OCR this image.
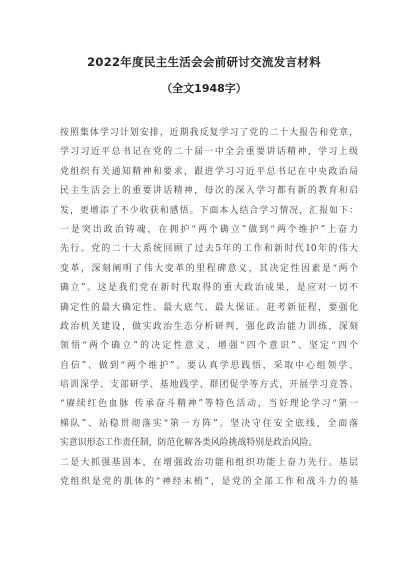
2022年度民主生活会会前研讨交流发言材料
（全文1948字）
按照集体学习计划安排，近期我反复学习了党的二十大报告和党章，
学习习近平总书记在党的二十届一中全会重要讲话精神，学习上级
党组织有关通知精神和要求，跟进学习习近平总书记在中央政治局
民主生活会上的重要讲话精神，每次的深入学习都有新的教育和启
发，更增添了不少收获和感悟。下面本人结合学习情况，汇报如下：
一是突出政治铸魂，在拥护“两个确立”做到“两个维护”上奋力
先行。党的二十大系统回顾了过去5年的工作和新时代10年的伟大
变革，深刻阐明了伟大变革的里程碑意义，其决定性因素是“两个
确立”。这是我们党在新时代取得的重大政治成果，是应对一切不
确定性的最大确定性、最大底气、最大保证。赶考新征程，要强化
政治机关建设，做实政治生态分析研判，强化政治能力训练，深刻
领悟“两个确立”的决定性意义，增强“四个意识”、坚定“四个
自信”、做到“两个维护”。要认真学思践悟，采取中心组领学、
培训深学、支部研学、基地践学、群团促学等方式，开展学习竞答、
“赓续红色血脉 传承奋斗精神”等特色活动，当好理论学习“第一
梯队”、站稳贯彻落实“第一方阵”。坚决守住安全底线，全面落
实意识形态工作责任制，防范化解各类风险挑战特别是政治风险。
二是大抓强基固本，在增强政治功能和组织功能上奋力先行。基层
党组织是党的肌体的“神经末梢”，是党的全部工作和战斗力的基
